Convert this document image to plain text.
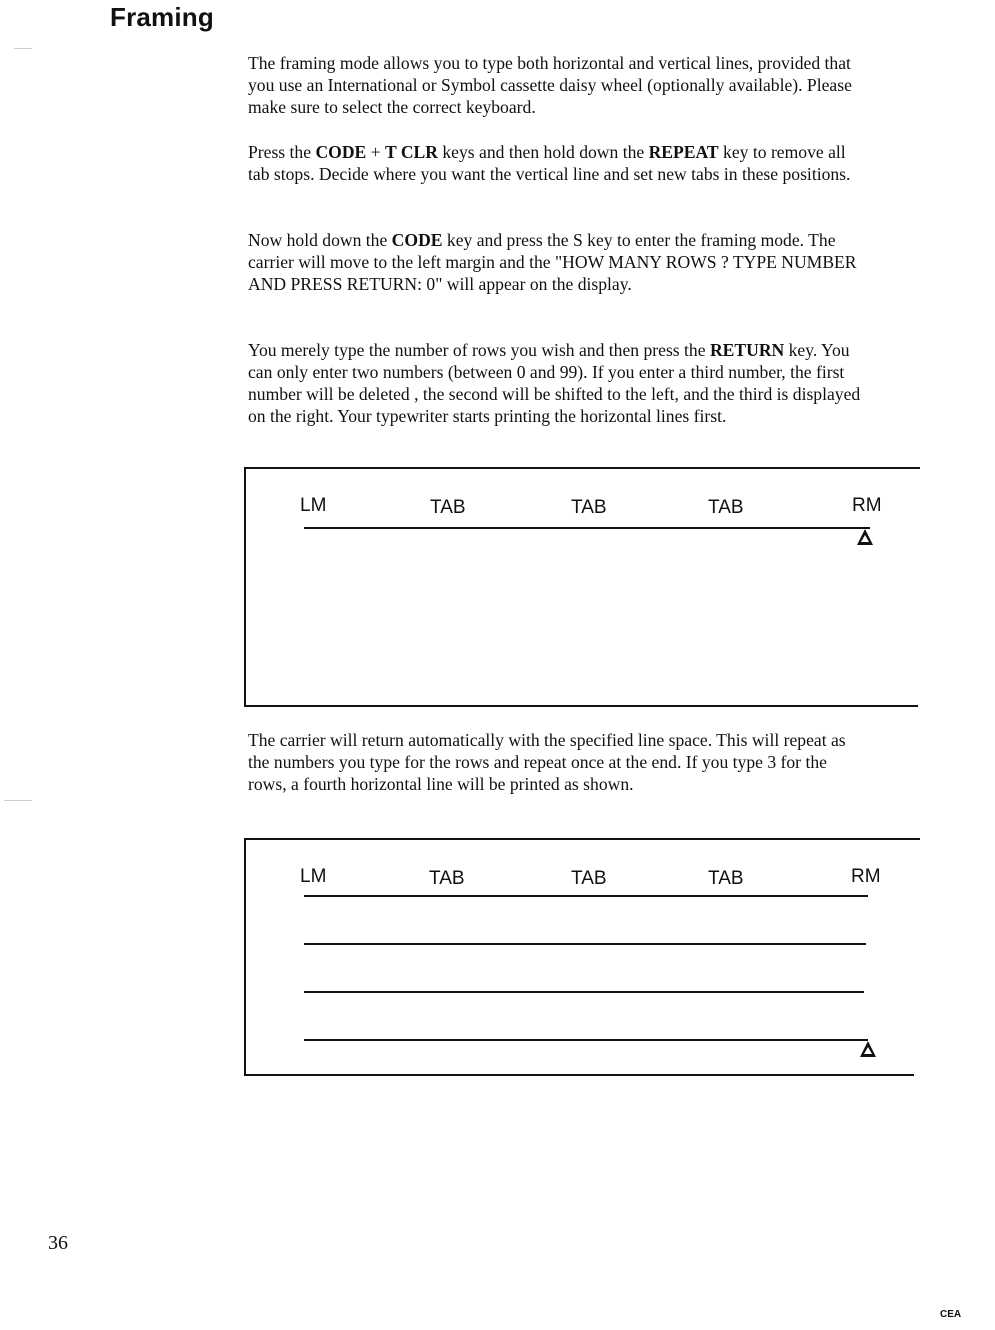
Framing

The framing mode allows you to type both horizontal and vertical lines, provided that you use an International or Symbol cassette daisy wheel (optionally available). Please make sure to select the correct keyboard.

Press the CODE + T CLR keys and then hold down the REPEAT key to remove all tab stops. Decide where you want the vertical line and set new tabs in these positions.

Now hold down the CODE key and press the S key to enter the framing mode. The carrier will move to the left margin and the "HOW MANY ROWS ? TYPE NUMBER AND PRESS RETURN: 0" will appear on the display.

You merely type the number of rows you wish and then press the RETURN key. You can only enter two numbers (between 0 and 99). If you enter a third number, the first number will be deleted , the second will be shifted to the left, and the third is displayed on the right. Your typewriter starts printing the horizontal lines first.

LM	TAB	TAB	TAB	RM

The carrier will return automatically with the specified line space. This will repeat as the numbers you type for the rows and repeat once at the end. If you type 3 for the rows, a fourth horizontal line will be printed as shown.

LM	TAB	TAB	TAB	RM
36
CEA
